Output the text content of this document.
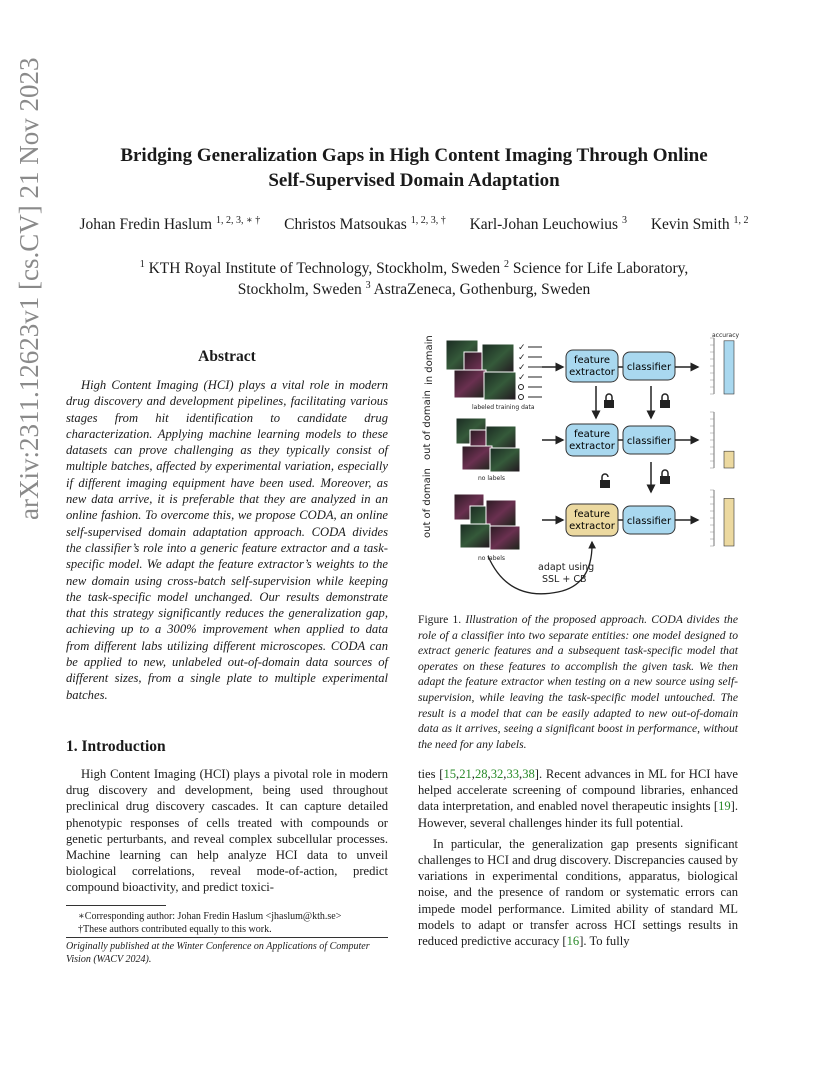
arXiv:2311.12623v1 [cs.CV] 21 Nov 2023	Bridging Generalization Gaps in High Content Imaging Through Online
Self-Supervised Domain Adaptation
Johan Fredin Haslum $^{1, 2, 3, ∗ \dagger}$ Christos Matsoukas $^{1, 2, 3, \dagger}$ Karl-Johan Leuchowius $^3$ Kevin Smith $^{1, 2}$
$^1$ KTH Royal Institute of Technology, Stockholm, Sweden $^2$ Science for Life Laboratory,
Stockholm, Sweden $^3$ AstraZeneca, Gothenburg, Sweden
Abstract

High Content Imaging (HCI) plays a vital role in modern drug discovery and development pipelines, facilitating various stages from hit identification to candidate drug characterization. Applying machine learning models to these datasets can prove challenging as they typically consist of multiple batches, affected by experimental variation, especially if different imaging equipment have been used. Moreover, as new data arrive, it is preferable that they are analyzed in an online fashion. To overcome this, we propose CODA, an online self-supervised domain adaptation approach. CODA divides the classifier’s role into a generic feature extractor and a task-specific model. We adapt the feature extractor’s weights to the new domain using cross-batch self-supervision while keeping the task-specific model unchanged. Our results demonstrate that this strategy significantly reduces the generalization gap, achieving up to a 300% improvement when applied to data from different labs utilizing different microscopes. CODA can be applied to new, unlabeled out-of-domain data sources of different sizes, from a single plate to multiple experimental batches.

1. Introduction

High Content Imaging (HCI) plays a pivotal role in modern drug discovery and development, being used throughout preclinical drug discovery cascades. It can capture detailed phenotypic responses of cells treated with compounds or genetic perturbants, and reveal complex subcellular processes. Machine learning can help analyze HCI data to unveil biological correlations, reveal mode-of-action, predict compound bioactivity, and predict toxici-

∗Corresponding author: Johan Fredin Haslum <jhaslum@kth.se>
†These authors contributed equally to this work.
Originally published at the Winter Conference on Applications of Computer Vision (WACV 2024).
in domain
out of domain
out of domain
✓
✓
✓
✓
labeled training data
feature
extractor classifier
accuracy
no labels
feature
extractor classifier
no labels
feature
extractor classifier
adapt using
SSL + CB
Figure 1. Illustration of the proposed approach. CODA divides the role of a classifier into two separate entities: one model designed to extract generic features and a subsequent task-specific model that operates on these features to accomplish the given task. We then adapt the feature extractor when testing on a new source using self-supervision, while leaving the task-specific model untouched. The result is a model that can be easily adapted to new out-of-domain data as it arrives, seeing a significant boost in performance, without the need for any labels.

ties [15,21,28,32,33,38]. Recent advances in ML for HCI have helped accelerate screening of compound libraries, enhanced data interpretation, and enabled novel therapeutic insights [19]. However, several challenges hinder its full potential.

In particular, the generalization gap presents significant challenges to HCI and drug discovery. Discrepancies caused by variations in experimental conditions, apparatus, biological noise, and the presence of random or systematic errors can impede model performance. Limited ability of standard ML models to adapt or transfer across HCI settings results in reduced predictive accuracy [16]. To fully
